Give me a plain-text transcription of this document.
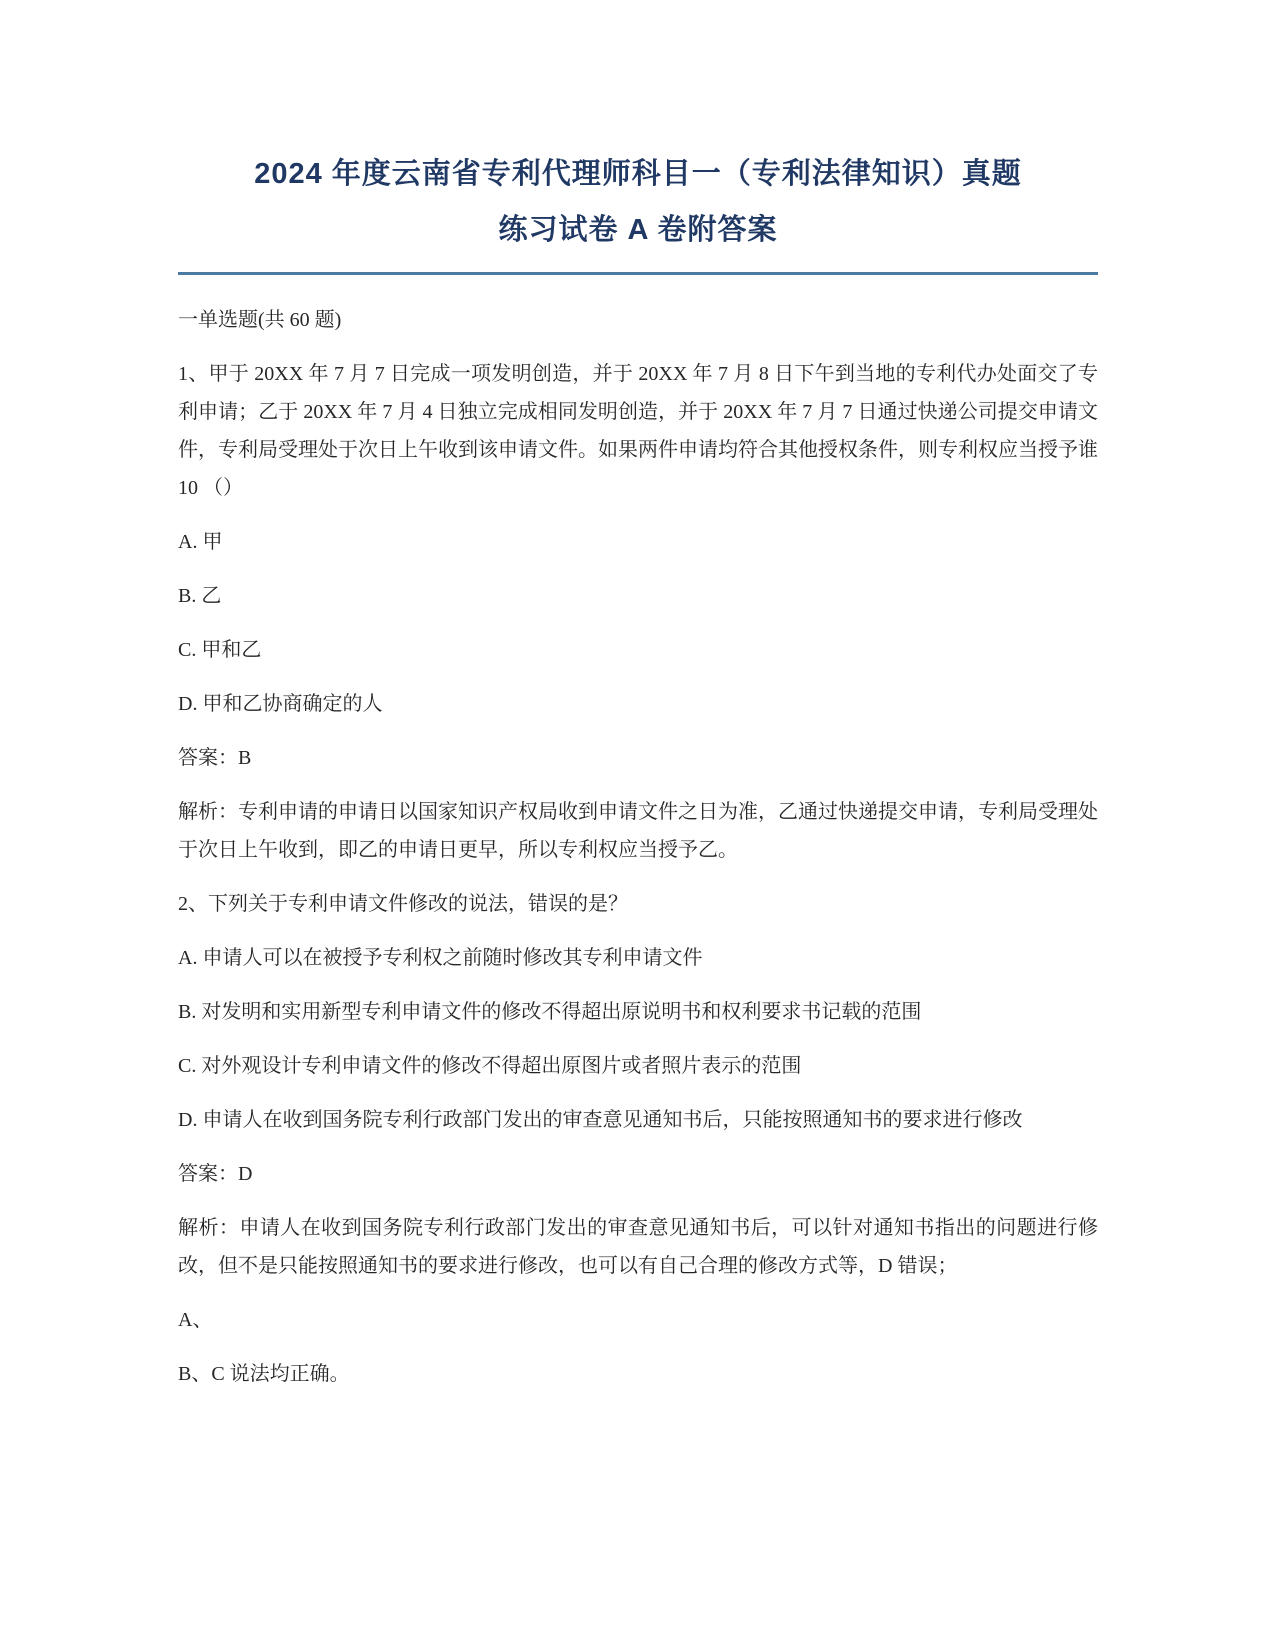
2024 年度云南省专利代理师科目一（专利法律知识）真题
练习试卷 A 卷附答案

一单选题(共 60 题)

1、甲于 20XX 年 7 月 7 日完成一项发明创造，并于 20XX 年 7 月 8 日下午到当地的专利代办处面交了专利申请；乙于 20XX 年 7 月 4 日独立完成相同发明创造，并于 20XX 年 7 月 7 日通过快递公司提交申请文件，专利局受理处于次日上午收到该申请文件。如果两件申请均符合其他授权条件，则专利权应当授予谁 10 （）

A. 甲

B. 乙

C. 甲和乙

D. 甲和乙协商确定的人

答案：B

解析：专利申请的申请日以国家知识产权局收到申请文件之日为准，乙通过快递提交申请，专利局受理处于次日上午收到，即乙的申请日更早，所以专利权应当授予乙。

2、下列关于专利申请文件修改的说法，错误的是？

A. 申请人可以在被授予专利权之前随时修改其专利申请文件

B. 对发明和实用新型专利申请文件的修改不得超出原说明书和权利要求书记载的范围

C. 对外观设计专利申请文件的修改不得超出原图片或者照片表示的范围

D. 申请人在收到国务院专利行政部门发出的审查意见通知书后，只能按照通知书的要求进行修改

答案：D

解析：申请人在收到国务院专利行政部门发出的审查意见通知书后，可以针对通知书指出的问题进行修改，但不是只能按照通知书的要求进行修改，也可以有自己合理的修改方式等，D 错误；

A、

B、C 说法均正确。
